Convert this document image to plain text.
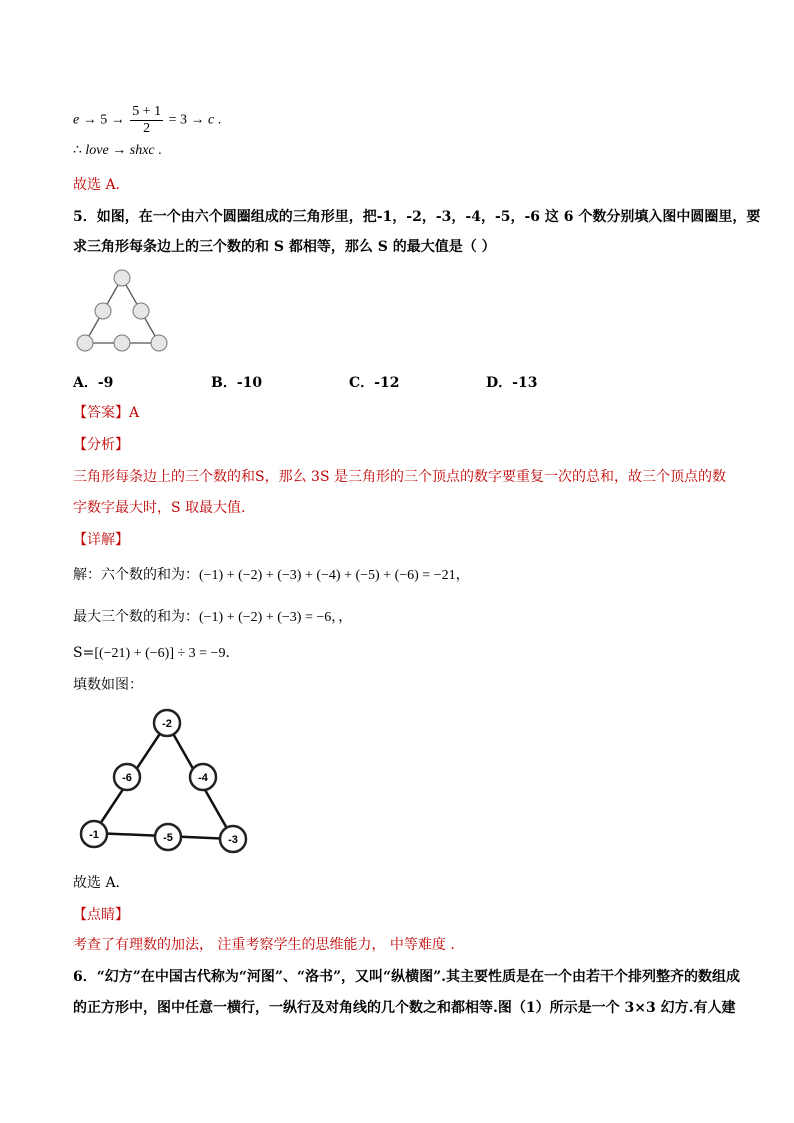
$e \to 5 \to \frac{5 + 1}{2} = 3 \to c$ .
∴ love → shxc .
故选 A．
5．如图，在一个由六个圆圈组成的三角形里，把-1，-2，-3，-4，-5，-6 这 6 个数分别填入图中圆圈里，要
求三角形每条边上的三个数的和 S 都相等，那么 S 的最大值是（ ）
A．-9	B．-10	C．-12	D．-13
【答案】A
【分析】
三角形每条边上的三个数的和S，那么 3S 是三角形的三个顶点的数字要重复一次的总和，故三个顶点的数
字数字最大时，S 取最大值.
【详解】
解：六个数的和为：(−1) + (−2) + (−3) + (−4) + (−5) + (−6) = −21，
最大三个数的和为：(−1) + (−2) + (−3) = −6，，
S=[(−21) + (−6)] ÷ 3 = −9．
填数如图：
-2
-6	-4
-1	-5	-3
故选 A．
【点睛】
考查了有理数的加法， 注重考察学生的思维能力， 中等难度 .
6．“幻方”在中国古代称为“河图”、“洛书”，又叫“纵横图”.其主要性质是在一个由若干个排列整齐的数组成
的正方形中，图中任意一横行，一纵行及对角线的几个数之和都相等.图（1）所示是一个 3×3 幻方.有人建
